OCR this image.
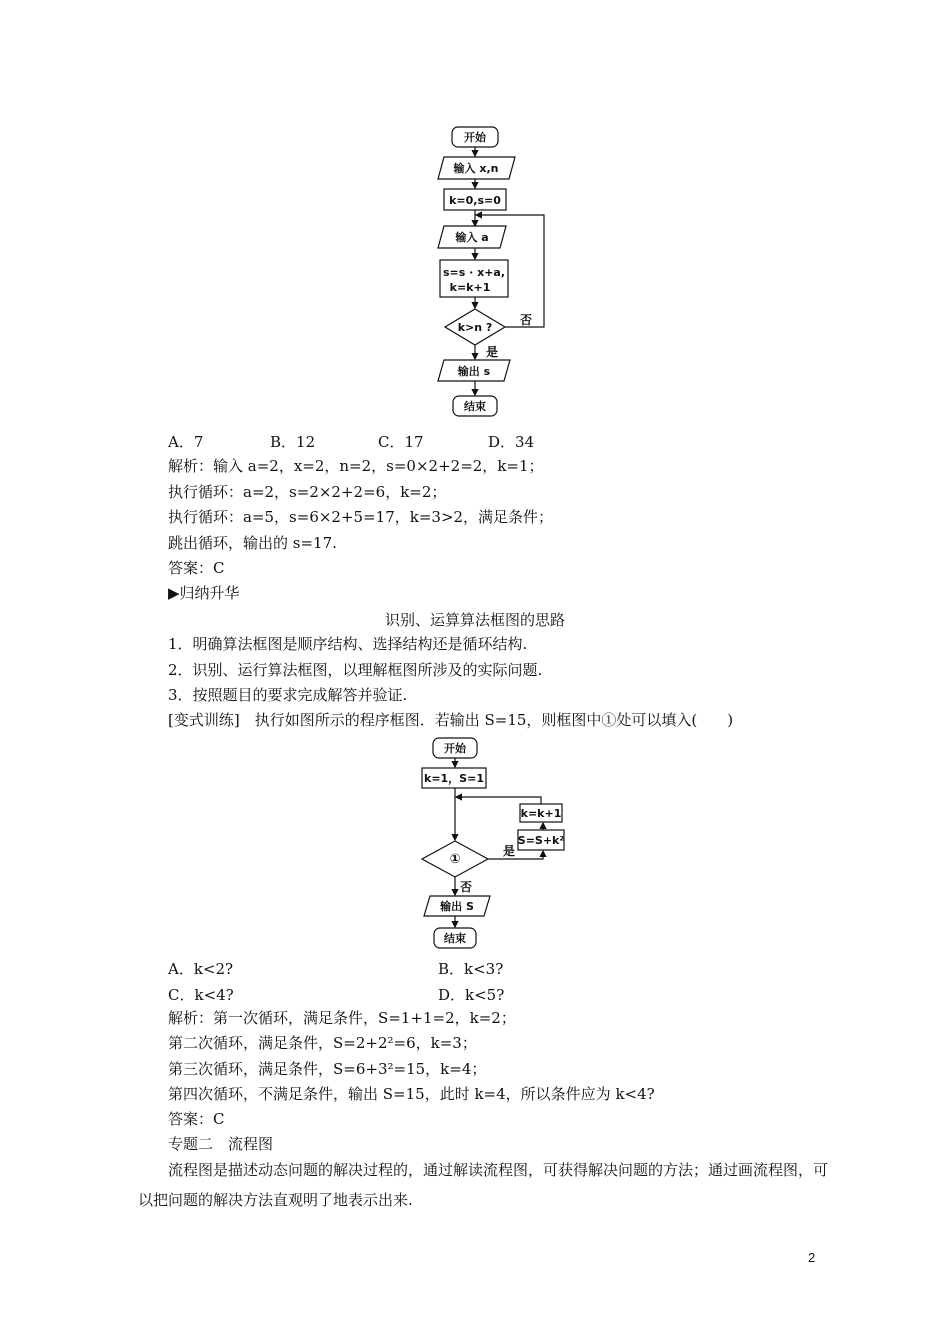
开始
输入 x,n
k=0,s=0
输入 a
s=s · x+a,
k=k+1
k>n ?
否
是
输出 s
结束
A．7	B．12	C．17	D．34
解析：输入 a=2，x=2，n=2，s=0×2+2=2，k=1；
执行循环：a=2，s=2×2+2=6，k=2；
执行循环：a=5，s=6×2+5=17，k=3>2，满足条件；
跳出循环，输出的 s=17.
答案：C
▶归纳升华
识别、运算算法框图的思路
1．明确算法框图是顺序结构、选择结构还是循环结构.
2．识别、运行算法框图，以理解框图所涉及的实际问题.
3．按照题目的要求完成解答并验证.
[变式训练]　执行如图所示的程序框图．若输出 S=15，则框图中①处可以填入(　　)
开始
k=1，S=1
k=k+1
S=S+k²
①
是
否
输出 S
结束
A．k<2?	B．k<3?
C．k<4?	D．k<5?
解析：第一次循环，满足条件，S=1+1=2，k=2；
第二次循环，满足条件，S=2+2²=6，k=3；
第三次循环，满足条件，S=6+3²=15，k=4；
第四次循环，不满足条件，输出 S=15，此时 k=4，所以条件应为 k<4?
答案：C
专题二　流程图
　　流程图是描述动态问题的解决过程的，通过解读流程图，可获得解决问题的方法；通过画流程图，可以把问题的解决方法直观明了地表示出来.
2
